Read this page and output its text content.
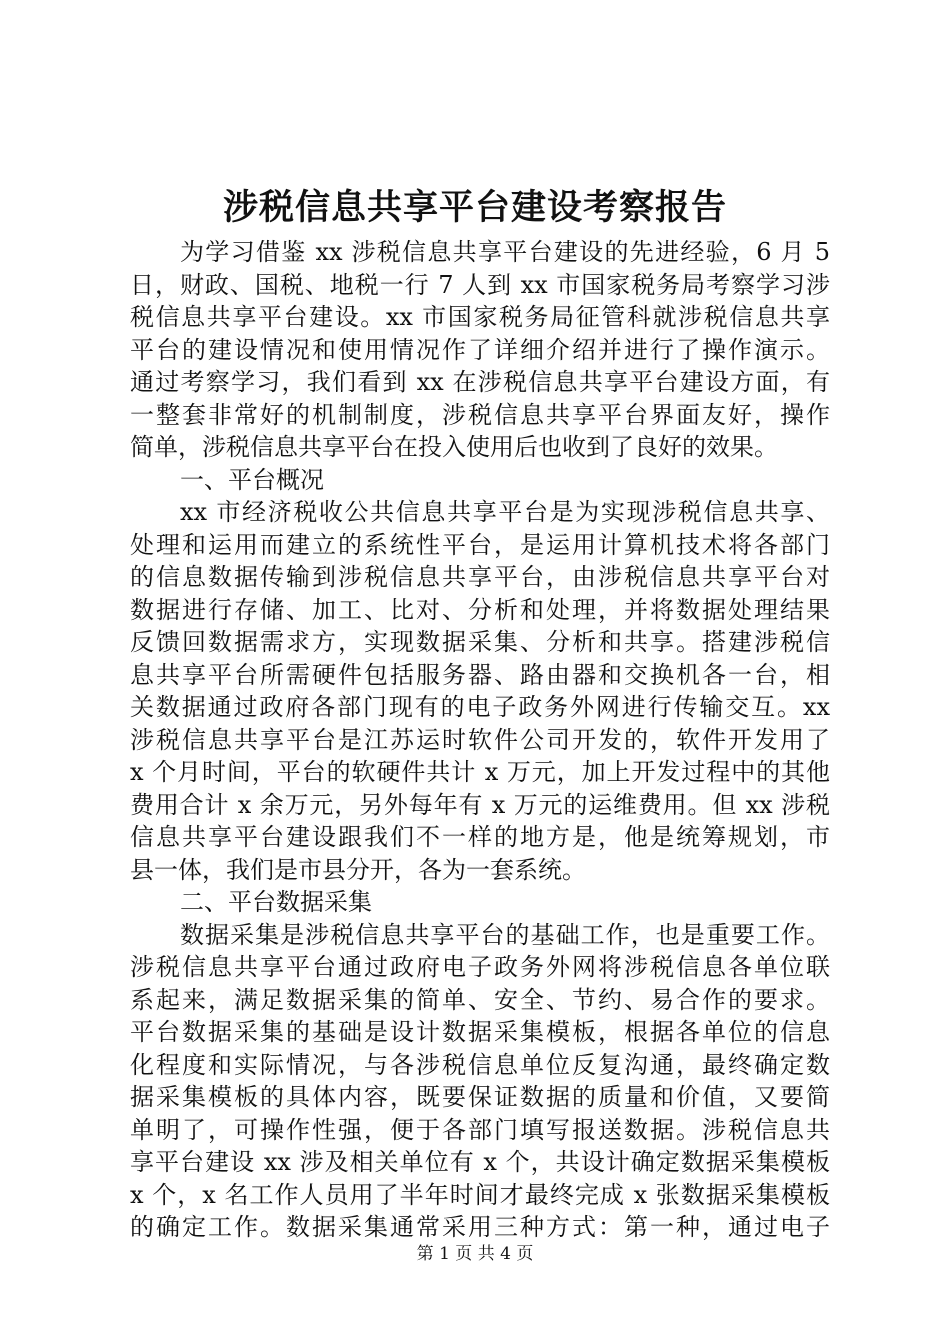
涉税信息共享平台建设考察报告
为学习借鉴 xx 涉税信息共享平台建设的先进经验，6 月 5
日，财政、国税、地税一行 7 人到 xx 市国家税务局考察学习涉
税信息共享平台建设。xx 市国家税务局征管科就涉税信息共享
平台的建设情况和使用情况作了详细介绍并进行了操作演示。
通过考察学习，我们看到 xx 在涉税信息共享平台建设方面，有
一整套非常好的机制制度，涉税信息共享平台界面友好，操作
简单，涉税信息共享平台在投入使用后也收到了良好的效果。
一、平台概况
xx 市经济税收公共信息共享平台是为实现涉税信息共享、
处理和运用而建立的系统性平台，是运用计算机技术将各部门
的信息数据传输到涉税信息共享平台，由涉税信息共享平台对
数据进行存储、加工、比对、分析和处理，并将数据处理结果
反馈回数据需求方，实现数据采集、分析和共享。搭建涉税信
息共享平台所需硬件包括服务器、路由器和交换机各一台，相
关数据通过政府各部门现有的电子政务外网进行传输交互。xx
涉税信息共享平台是江苏运时软件公司开发的，软件开发用了
x 个月时间，平台的软硬件共计 x 万元，加上开发过程中的其他
费用合计 x 余万元，另外每年有 x 万元的运维费用。但 xx 涉税
信息共享平台建设跟我们不一样的地方是，他是统筹规划，市
县一体，我们是市县分开，各为一套系统。
二、平台数据采集
数据采集是涉税信息共享平台的基础工作，也是重要工作。
涉税信息共享平台通过政府电子政务外网将涉税信息各单位联
系起来，满足数据采集的简单、安全、节约、易合作的要求。
平台数据采集的基础是设计数据采集模板，根据各单位的信息
化程度和实际情况，与各涉税信息单位反复沟通，最终确定数
据采集模板的具体内容，既要保证数据的质量和价值，又要简
单明了，可操作性强，便于各部门填写报送数据。涉税信息共
享平台建设 xx 涉及相关单位有 x 个，共设计确定数据采集模板
x 个，x 名工作人员用了半年时间才最终完成 x 张数据采集模板
的确定工作。数据采集通常采用三种方式：第一种，通过电子
第 1 页 共 4 页
